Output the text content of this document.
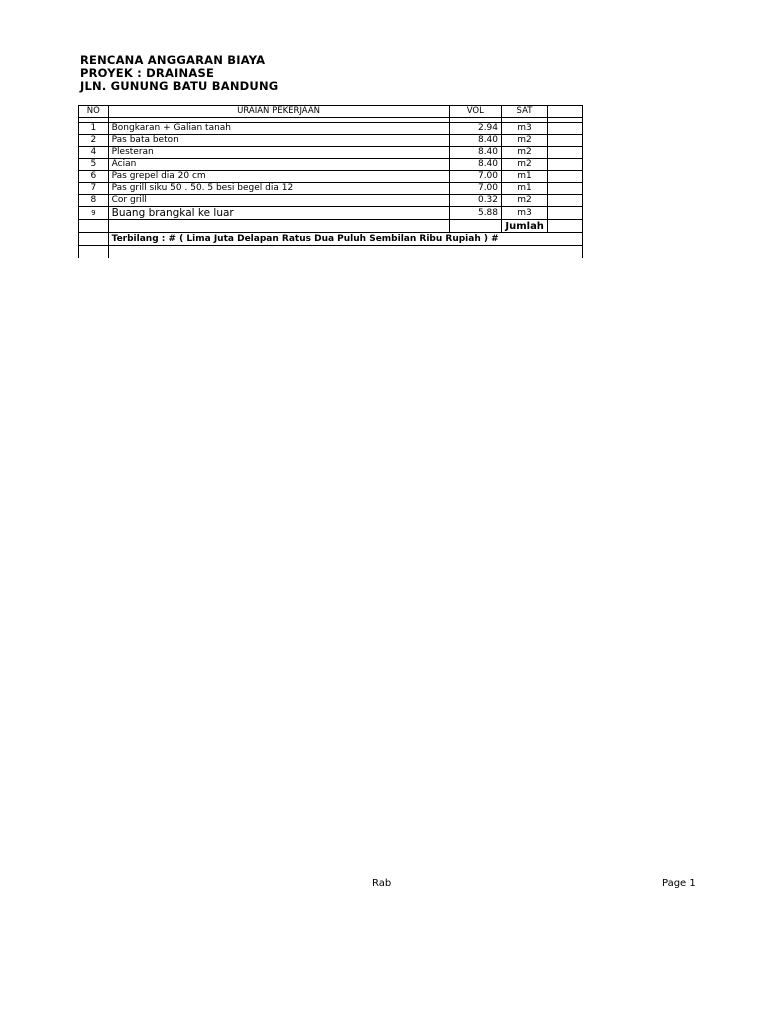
RENCANA ANGGARAN BIAYA
PROYEK : DRAINASE
JLN. GUNUNG BATU BANDUNG
NO	URAIAN PEKERJAAN	VOL	SAT	

1	Bongkaran + Galian tanah	2.94	m3	
2	Pas bata beton	8.40	m2	
4	Plesteran	8.40	m2	
5	Acian	8.40	m2	
6	Pas grepel dia 20 cm	7.00	m1	
7	Pas grill siku 50 . 50. 5 besi begel dia 12	7.00	m1	
8	Cor grill	0.32	m2	
9	Buang brangkal ke luar	5.88	m3	
			Jumlah	
	Terbilang : # ( Lima Juta Delapan Ratus Dua Puluh Sembilan Ribu Rupiah ) #			

Rab	Page 1
